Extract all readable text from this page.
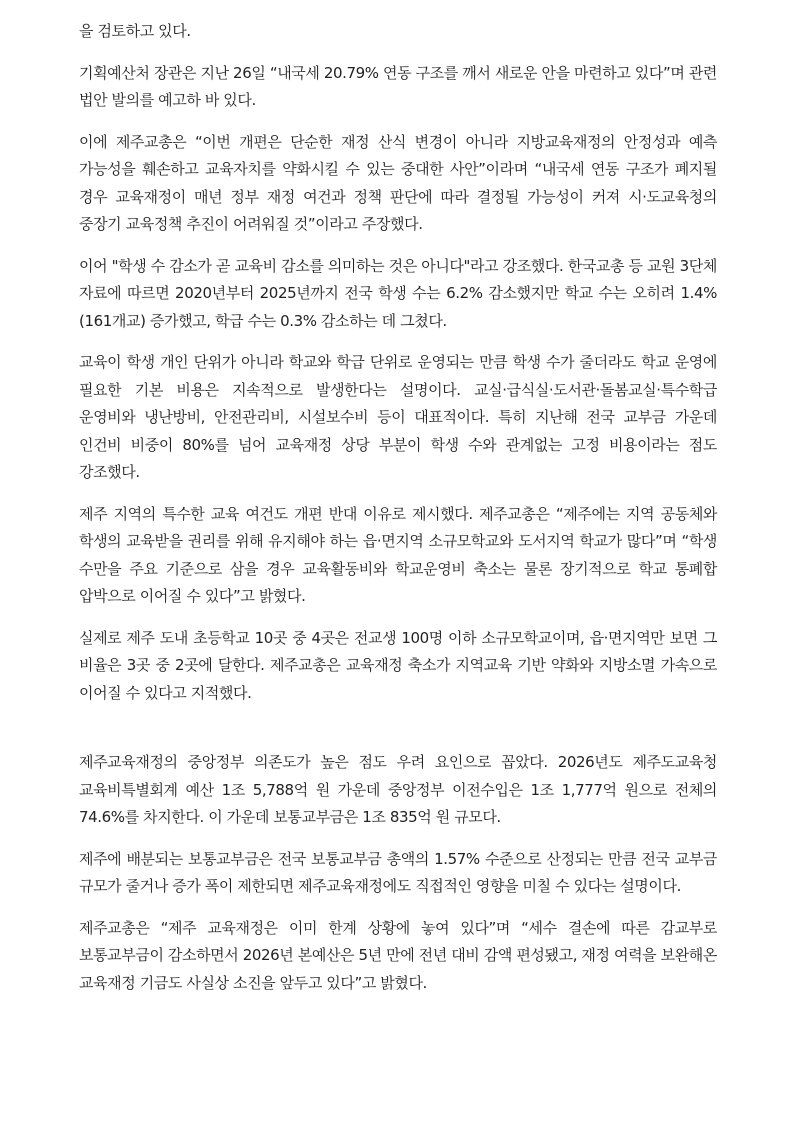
을 검토하고 있다.

기획예산처 장관은 지난 26일 “내국세 20.79% 연동 구조를 깨서 새로운 안을 마련하고 있다”며 관련 법안 발의를 예고하 바 있다.

이에 제주교총은 “이번 개편은 단순한 재정 산식 변경이 아니라 지방교육재정의 안정성과 예측 가능성을 훼손하고 교육자치를 약화시킬 수 있는 중대한 사안”이라며 “내국세 연동 구조가 폐지될 경우 교육재정이 매년 정부 재정 여건과 정책 판단에 따라 결정될 가능성이 커져 시·도교육청의 중장기 교육정책 추진이 어려워질 것”이라고 주장했다.

이어 "학생 수 감소가 곧 교육비 감소를 의미하는 것은 아니다"라고 강조했다. 한국교총 등 교원 3단체 자료에 따르면 2020년부터 2025년까지 전국 학생 수는 6.2% 감소했지만 학교 수는 오히려 1.4%(161개교) 증가했고, 학급 수는 0.3% 감소하는 데 그쳤다.

교육이 학생 개인 단위가 아니라 학교와 학급 단위로 운영되는 만큼 학생 수가 줄더라도 학교 운영에 필요한 기본 비용은 지속적으로 발생한다는 설명이다. 교실·급식실·도서관·돌봄교실·특수학급 운영비와 냉난방비, 안전관리비, 시설보수비 등이 대표적이다. 특히 지난해 전국 교부금 가운데 인건비 비중이 80%를 넘어 교육재정 상당 부분이 학생 수와 관계없는 고정 비용이라는 점도 강조했다.

제주 지역의 특수한 교육 여건도 개편 반대 이유로 제시했다. 제주교총은 “제주에는 지역 공동체와 학생의 교육받을 권리를 위해 유지해야 하는 읍·면지역 소규모학교와 도서지역 학교가 많다”며 “학생 수만을 주요 기준으로 삼을 경우 교육활동비와 학교운영비 축소는 물론 장기적으로 학교 통폐합 압박으로 이어질 수 있다”고 밝혔다.

실제로 제주 도내 초등학교 10곳 중 4곳은 전교생 100명 이하 소규모학교이며, 읍·면지역만 보면 그 비율은 3곳 중 2곳에 달한다. 제주교총은 교육재정 축소가 지역교육 기반 약화와 지방소멸 가속으로 이어질 수 있다고 지적했다.

제주교육재정의 중앙정부 의존도가 높은 점도 우려 요인으로 꼽았다. 2026년도 제주도교육청 교육비특별회계 예산 1조 5,788억 원 가운데 중앙정부 이전수입은 1조 1,777억 원으로 전체의 74.6%를 차지한다. 이 가운데 보통교부금은 1조 835억 원 규모다.

제주에 배분되는 보통교부금은 전국 보통교부금 총액의 1.57% 수준으로 산정되는 만큼 전국 교부금 규모가 줄거나 증가 폭이 제한되면 제주교육재정에도 직접적인 영향을 미칠 수 있다는 설명이다.

제주교총은 “제주 교육재정은 이미 한계 상황에 놓여 있다”며 “세수 결손에 따른 감교부로 보통교부금이 감소하면서 2026년 본예산은 5년 만에 전년 대비 감액 편성됐고, 재정 여력을 보완해온 교육재정 기금도 사실상 소진을 앞두고 있다”고 밝혔다.
